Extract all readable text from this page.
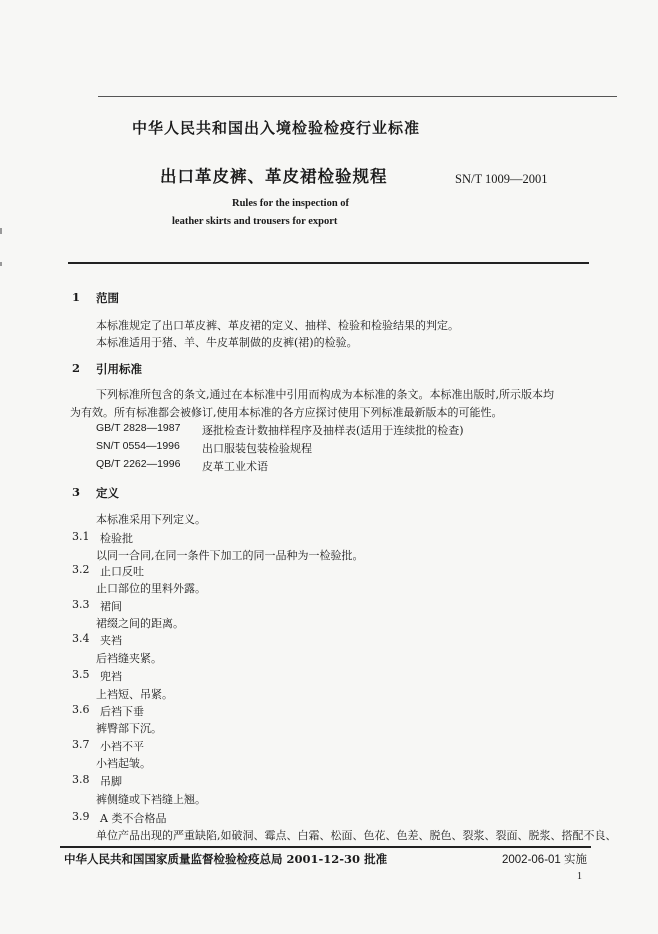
中华人民共和国出入境检验检疫行业标准
出口革皮裤、革皮裙检验规程	SN/T 1009—2001
Rules for the inspection of
leather skirts and trousers for export
1 范围
本标准规定了出口革皮裤、革皮裙的定义、抽样、检验和检验结果的判定。
本标准适用于猪、羊、牛皮革制做的皮裤(裙)的检验。
2 引用标准
下列标准所包含的条文,通过在本标准中引用而构成为本标准的条文。本标准出版时,所示版本均
为有效。所有标准都会被修订,使用本标准的各方应探讨使用下列标准最新版本的可能性。
GB/T 2828—1987 逐批检查计数抽样程序及抽样表(适用于连续批的检查)
SN/T 0554—1996 出口服装包装检验规程
QB/T 2262—1996 皮革工业术语
3 定义
本标准采用下列定义。
3.1 检验批
以同一合同,在同一条件下加工的同一品种为一检验批。
3.2 止口反吐
止口部位的里料外露。
3.3 裙间
裙缀之间的距离。
3.4 夹裆
后裆缝夹紧。
3.5 兜裆
上裆短、吊紧。
3.6 后裆下垂
裤臀部下沉。
3.7 小裆不平
小裆起皱。
3.8 吊脚
裤侧缝或下裆缝上翘。
3.9 A 类不合格品
单位产品出现的严重缺陷,如破洞、霉点、白霜、松面、色花、色差、脱色、裂浆、裂面、脱浆、搭配不良、
中华人民共和国国家质量监督检验检疫总局 2001-12-30 批准	2002-06-01 实施
1
